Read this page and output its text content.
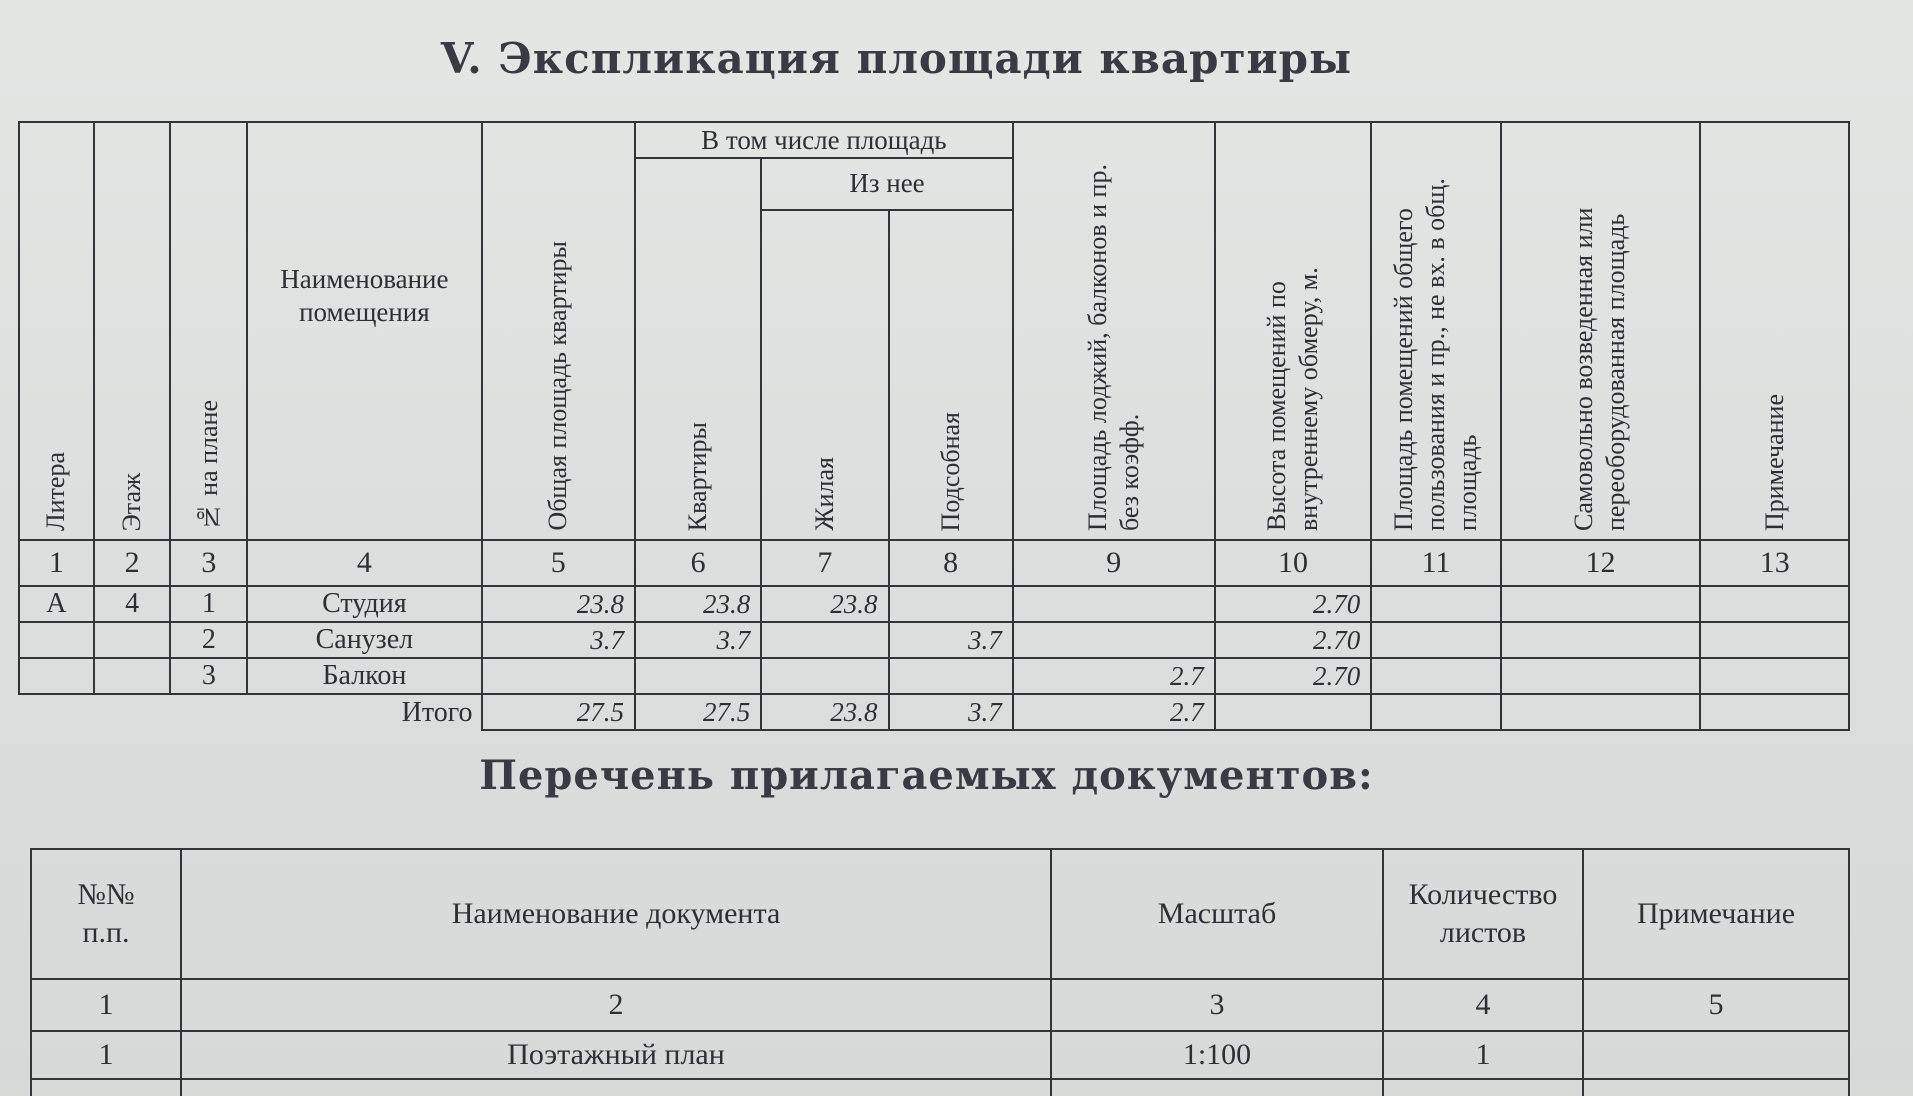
V. Экспликация площади квартиры
Литера	Этаж	№ на плане	Наименование помещения	Общая площадь квартиры	В том числе площадь			Площадь лоджий, балконов и пр. без коэфф.	Высота помещений по внутреннему обмеру, м.	Площадь помещений общего пользования и пр., не вх. в общ. площадь	Самовольно возведенная или переоборудованная площадь	Примечание

					Квартиры	Из нее						

						Жилая	Подсобная					

1	2	3	4	5	6	7	8	9	10	11	12	13
А	4	1	Студия	23.8	23.8	23.8			2.70			
		2	Санузел	3.7	3.7		3.7		2.70			
		3	Балкон					2.7	2.70			
			Итого	27.5	27.5	23.8	3.7	2.7				
Перечень прилагаемых документов:
№№ п.п.	Наименование документа	Масштаб	Количество листов	Примечание
1	2	3	4	5
1	Поэтажный план	1:100	1	
